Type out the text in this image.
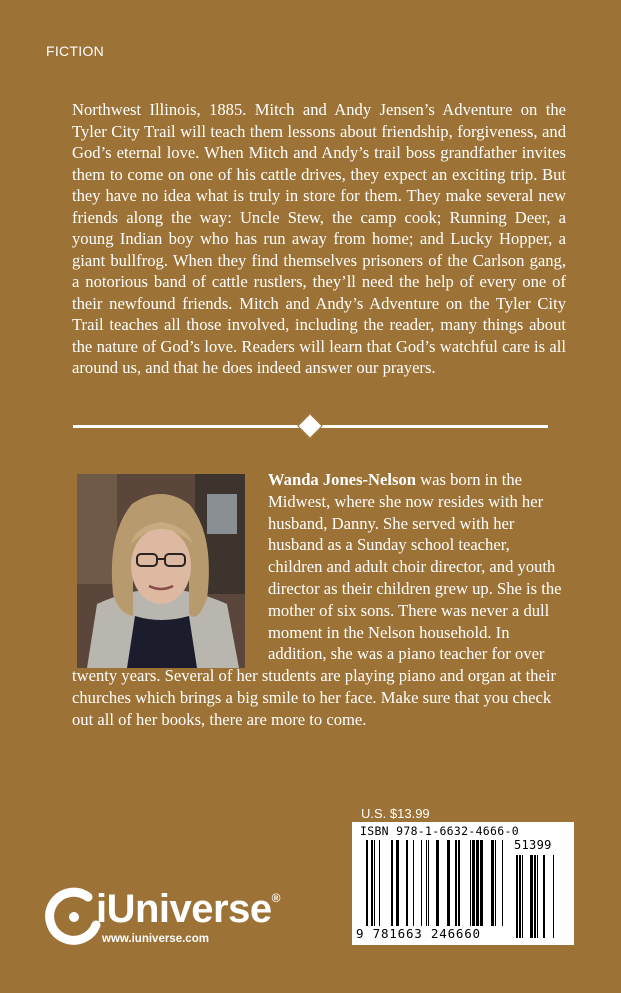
FICTION

Northwest Illinois, 1885. Mitch and Andy Jensen’s Adventure on the Tyler City Trail will teach them lessons about friendship, forgiveness, and God’s eternal love. When Mitch and Andy’s trail boss grandfather invites them to come on one of his cattle drives, they expect an exciting trip. But they have no idea what is truly in store for them. They make several new friends along the way: Uncle Stew, the camp cook; Running Deer, a young Indian boy who has run away from home; and Lucky Hopper, a giant bullfrog. When they find themselves prisoners of the Carlson gang, a notorious band of cattle rustlers, they’ll need the help of every one of their newfound friends. Mitch and Andy’s Adventure on the Tyler City Trail teaches all those involved, including the reader, many things about the nature of God’s love. Readers will learn that God’s watchful care is all around us, and that he does indeed answer our prayers.

Wanda Jones-Nelson was born in the Midwest, where she now resides with her husband, Danny. She served with her husband as a Sunday school teacher, children and adult choir director, and youth director as their children grew up. She is the mother of six sons. There was never a dull moment in the Nelson household. In addition, she was a piano teacher for over twenty years. Several of her students are playing piano and organ at their churches which brings a big smile to her face. Make sure that you check out all of her books, there are more to come.
U.S. $13.99
ISBN 978-1-6632-4666-0
51399
9 781663 246660
iUniverse®
www.iuniverse.com
